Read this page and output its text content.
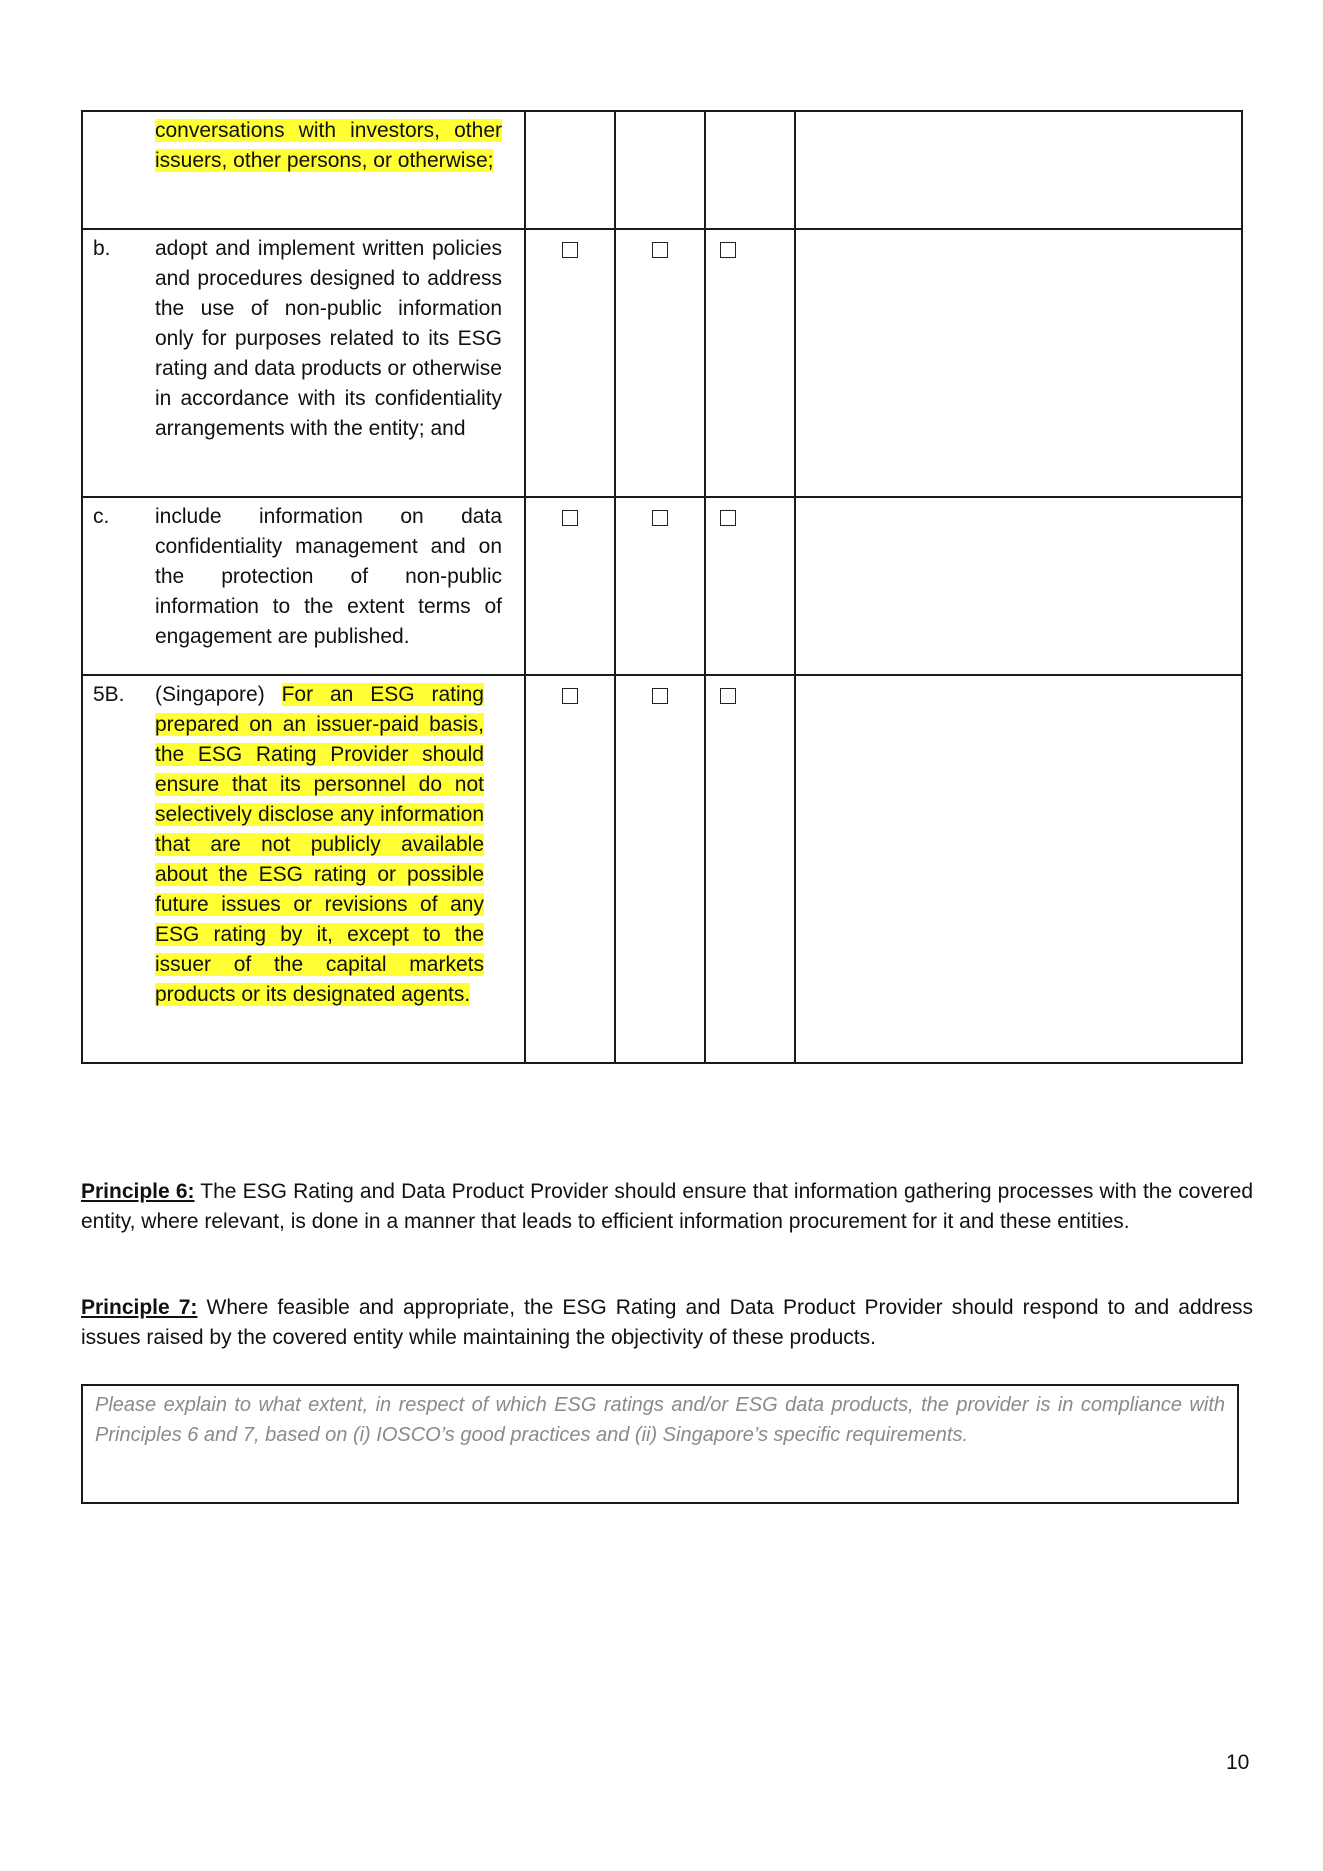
conversations with investors, other issuers, other persons, or otherwise;				

b. adopt and implement written policies and procedures designed to address the use of non-public information only for purposes related to its ESG rating and data products or otherwise in accordance with its confidentiality arrangements with the entity; and				

c. include information on data confidentiality management and on the protection of non-public information to the extent terms of engagement are published.				

5B. (Singapore) For an ESG rating prepared on an issuer-paid basis, the ESG Rating Provider should ensure that its personnel do not selectively disclose any information that are not publicly available about the ESG rating or possible future issues or revisions of any ESG rating by it, except to the issuer of the capital markets products or its designated agents.				

Principle 6: The ESG Rating and Data Product Provider should ensure that information gathering processes with the covered entity, where relevant, is done in a manner that leads to efficient information procurement for it and these entities.
Principle 7: Where feasible and appropriate, the ESG Rating and Data Product Provider should respond to and address issues raised by the covered entity while maintaining the objectivity of these products.
Please explain to what extent, in respect of which ESG ratings and/or ESG data products, the provider is in compliance with Principles 6 and 7, based on (i) IOSCO’s good practices and (ii) Singapore’s specific requirements.
10
